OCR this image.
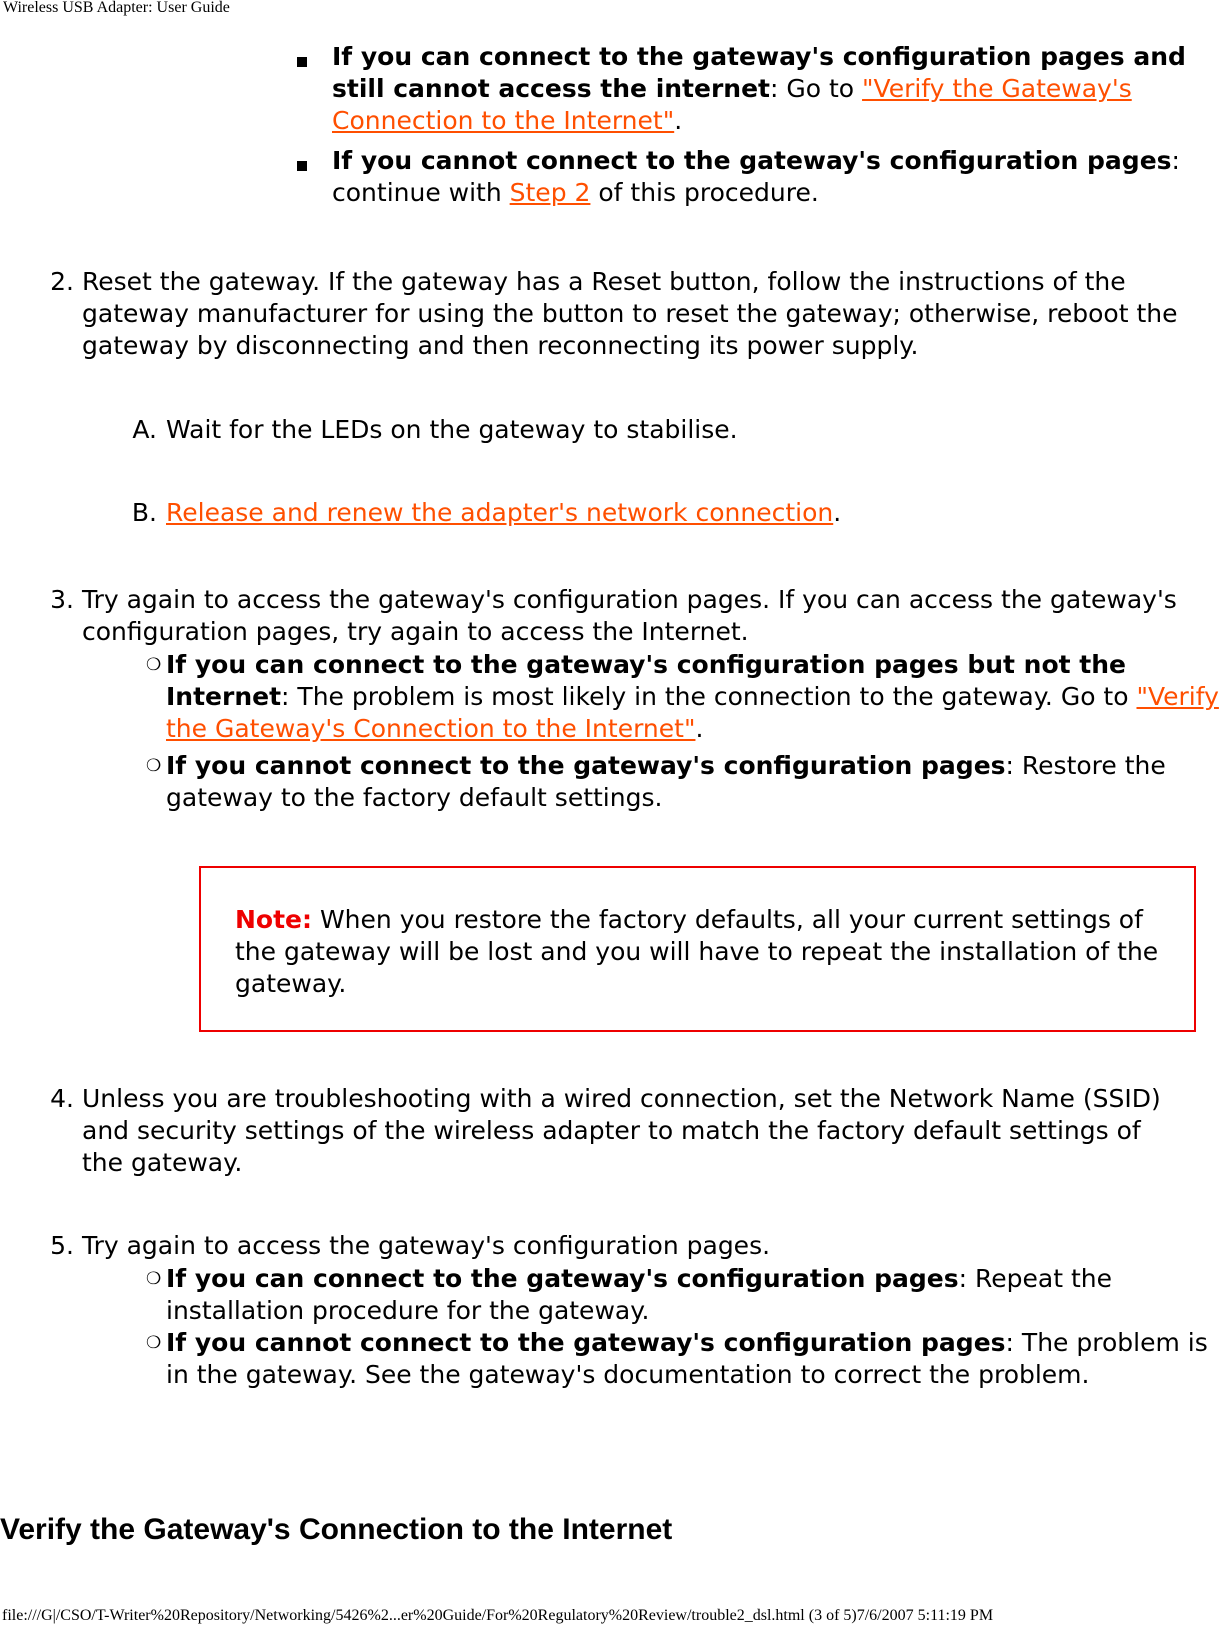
Wireless USB Adapter: User Guide
If you can connect to the gateway's configuration pages and still cannot access the internet: Go to "Verify the Gateway's Connection to the Internet".
If you cannot connect to the gateway's configuration pages: continue with Step 2 of this procedure.
2. Reset the gateway. If the gateway has a Reset button, follow the instructions of the gateway manufacturer for using the button to reset the gateway; otherwise, reboot the gateway by disconnecting and then reconnecting its power supply.
A. Wait for the LEDs on the gateway to stabilise.
B. Release and renew the adapter's network connection.
3. Try again to access the gateway's configuration pages. If you can access the gateway's configuration pages, try again to access the Internet.
❍ If you can connect to the gateway's configuration pages but not the Internet: The problem is most likely in the connection to the gateway. Go to "Verify the Gateway's Connection to the Internet".
❍ If you cannot connect to the gateway's configuration pages: Restore the gateway to the factory default settings.
Note: When you restore the factory defaults, all your current settings of the gateway will be lost and you will have to repeat the installation of the gateway.
4. Unless you are troubleshooting with a wired connection, set the Network Name (SSID) and security settings of the wireless adapter to match the factory default settings of the gateway.
5. Try again to access the gateway's configuration pages.
❍ If you can connect to the gateway's configuration pages: Repeat the installation procedure for the gateway.
❍ If you cannot connect to the gateway's configuration pages: The problem is in the gateway. See the gateway's documentation to correct the problem.
Verify the Gateway's Connection to the Internet
file:///G|/CSO/T-Writer%20Repository/Networking/5426%2...er%20Guide/For%20Regulatory%20Review/trouble2_dsl.html (3 of 5)7/6/2007 5:11:19 PM
